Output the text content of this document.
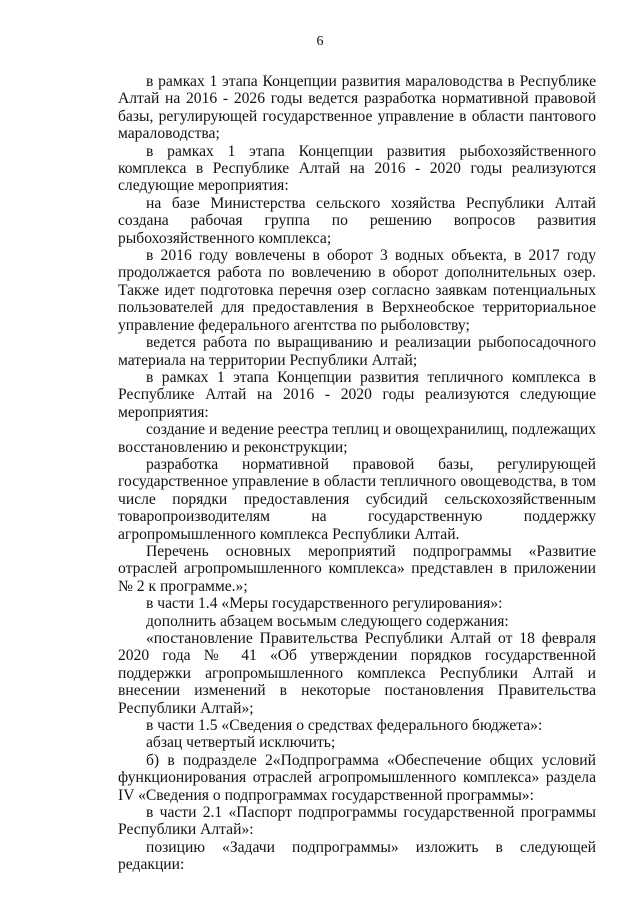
6

в рамках 1 этапа Концепции развития мараловодства в Республике Алтай на 2016 - 2026 годы ведется разработка нормативной правовой базы, регулирующей государственное управление в области пантового мараловодства;

в рамках 1 этапа Концепции развития рыбохозяйственного комплекса в Республике Алтай на 2016 - 2020 годы реализуются следующие мероприятия:

на базе Министерства сельского хозяйства Республики Алтай создана рабочая группа по решению вопросов развития рыбохозяйственного комплекса;

в 2016 году вовлечены в оборот 3 водных объекта, в 2017 году продолжается работа по вовлечению в оборот дополнительных озер. Также идет подготовка перечня озер согласно заявкам потенциальных пользователей для предоставления в Верхнеобское территориальное управление федерального агентства по рыболовству;

ведется работа по выращиванию и реализации рыбопосадочного материала на территории Республики Алтай;

в рамках 1 этапа Концепции развития тепличного комплекса в Республике Алтай на 2016 - 2020 годы реализуются следующие мероприятия:

создание и ведение реестра теплиц и овощехранилищ, подлежащих восстановлению и реконструкции;

разработка нормативной правовой базы, регулирующей государственное управление в области тепличного овощеводства, в том числе порядки предоставления субсидий сельскохозяйственным товаропроизводителям на государственную поддержку агропромышленного комплекса Республики Алтай.

Перечень основных мероприятий подпрограммы «Развитие отраслей агропромышленного комплекса» представлен в приложении № 2 к программе.»;

в части 1.4 «Меры государственного регулирования»:

дополнить абзацем восьмым следующего содержания:

«постановление Правительства Республики Алтай от 18 февраля 2020 года № 41 «Об утверждении порядков государственной поддержки агропромышленного комплекса Республики Алтай и внесении изменений в некоторые постановления Правительства Республики Алтай»;

в части 1.5 «Сведения о средствах федерального бюджета»:

абзац четвертый исключить;

б) в подразделе 2«Подпрограмма «Обеспечение общих условий функционирования отраслей агропромышленного комплекса» раздела IV «Сведения о подпрограммах государственной программы»:

в части 2.1 «Паспорт подпрограммы государственной программы Республики Алтай»:

позицию «Задачи подпрограммы» изложить в следующей редакции:
